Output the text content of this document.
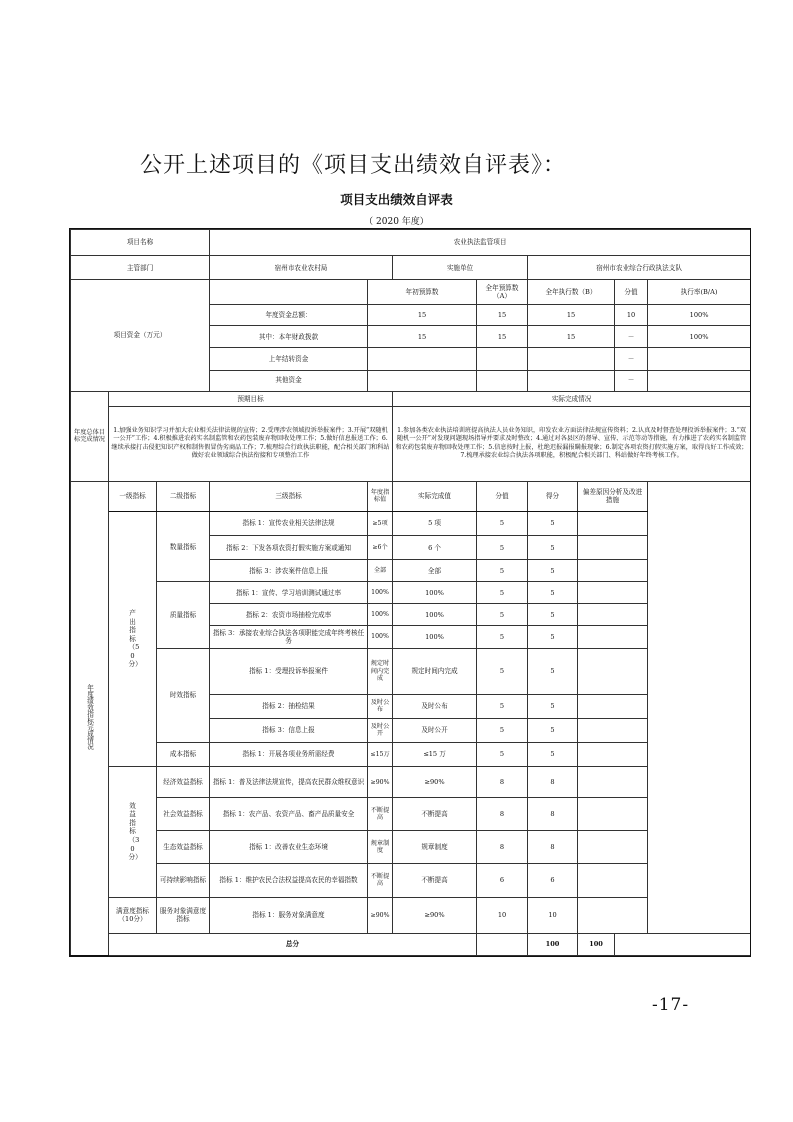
公开上述项目的《项目支出绩效自评表》：
项目支出绩效自评表
（ 2020 年度）
项目名称			农业执法监管项目								
主管部门			宿州市农业农村局		实施单位		宿州市农业综合行政执法支队				
项目资金（万元）				年初预算数		全年预算数（A）	全年执行数（B）		分值	执行率(B/A)	
			年度资金总额：	15		15	15		10	100%	
			其中：本年财政拨款	15		15	15		－	100%	
			上年结转资金						－		
			其他资金						－		
年度总体目标完成情况	预期目标				实际完成情况						
	1.加强业务知识学习并加大农业相关法律法规的宣传；2.受理涉农领域投诉举报案件；3.开展“双随机一公开”工作；4.积极推进农药实名制监管和农药包装废弃物回收处理工作；5.做好信息报送工作；6.继续承接打击侵犯知识产权和制售假冒伪劣商品工作；7.梳理综合行政执法职能，配合相关部门和科站做好农业领域综合执法衔接和专项整治工作				1.参加各类农业执法培训班提高执法人员业务知识，印发农业方面法律法规宣传资料；2.认真及时督查处理投诉举报案件；3.“双随机一公开”对发现问题现场指导并要求及时整改；4.通过对各县区的督导、宣传、示范等动等措施，有力推进了农药实名制监管和农药包装废弃物回收处理工作；5.信息按时上报，杜绝迟报漏报瞒报现象；6.制定各项农资打假实施方案，取得良好工作成效；7.梳理承接农业综合执法各项职能，积极配合相关部门、科站做好年终考核工作。						
年度绩效指标完成情况	一级指标	二级指标	三级指标	年度指标值	实际完成值	分值	得分	偏差原因分析及改进措施			
	产出指标（50分）	数量指标	指标 1：宣传农业相关法律法规	≥5项	5 项	5	5				
			指标 2：下发各项农资打假实施方案或通知	≥6个	6 个	5	5				
			指标 3：涉农案件信息上报	全部	全部	5	5				
		质量指标	指标 1：宣传、学习培训测试通过率	100%	100%	5	5				
			指标 2：农资市场抽检完成率	100%	100%	5	5				
			指标 3：承接农业综合执法各项职能完成年终考核任务	100%	100%	5	5				
		时效指标	指标 1：受理投诉举报案件	规定时间内完成	规定时间内完成	5	5				
			指标 2：抽检结果	及时公布	及时公布	5	5				
			指标 3：信息上报	及时公开	及时公开	5	5				
		成本指标	指标 1：开展各项业务所需经费	≤15万	≤15 万	5	5				
	效益指标（30分）	经济效益指标	指标 1：普及法律法规宣传，提高农民群众维权意识	≥90%	≥90%	8	8				
		社会效益指标	指标 1：农产品、农资产品、畜产品质量安全	不断提高	不断提高	8	8				
		生态效益指标	指标 1：改善农业生态环境	规章制度	规章制度	8	8				
		可持续影响指标	指标 1：维护农民合法权益提高农民的幸福指数	不断提高	不断提高	6	6				
	满意度指标（10分）	服务对象满意度指标	指标 1：服务对象满意度	≥90%	≥90%	10	10				
	总分						100	100			
-17-
